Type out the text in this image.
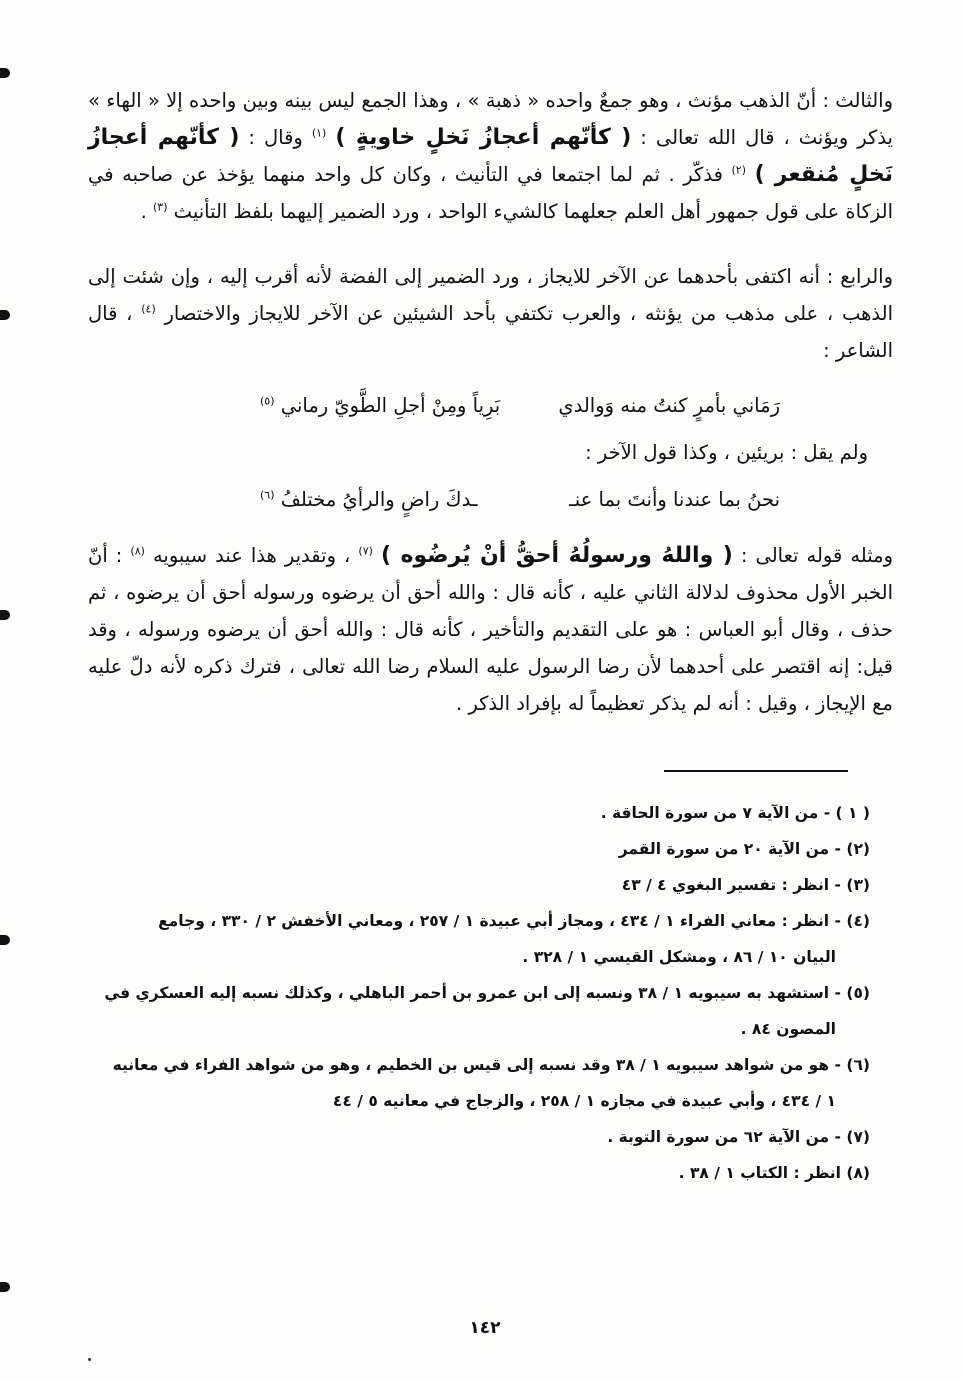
والثالث : أنّ الذهب مؤنث ، وهو جمعٌ واحده « ذهبة » ، وهذا الجمع ليس بينه وبين واحده إلا « الهاء » يذكر ويؤنث ، قال الله تعالى : ( كأنّهم أعجازُ نَخلٍ خاويةٍ ) $^{(١)}$ وقال : ( كأنّهم أعجازُ نَخلٍ مُنقعر ) $^{(٢)}$ فذكّر . ثم لما اجتمعا في التأنيث ، وكان كل واحد منهما يؤخذ عن صاحبه في الزكاة على قول جمهور أهل العلم جعلهما كالشيء الواحد ، ورد الضمير إليهما بلفظ التأنيث $^{(٣)}$ .

والرابع : أنه اكتفى بأحدهما عن الآخر للايجاز ، ورد الضمير إلى الفضة لأنه أقرب إليه ، وإن شئت إلى الذهب ، على مذهب من يؤنثه ، والعرب تكتفي بأحد الشيئين عن الآخر للايجاز والاختصار $^{(٤)}$ ، قال الشاعر :

رَمَاني بأمرٍ كنتُ منه وَوالدي
بَرِياً ومِنْ أجلِ الطَّويّ رماني $^{(٥)}$
ولم يقل : بريئين ، وكذا قول الآخر :
نحنُ بما عندنا وأنتَ بما عنـ
ـدكَ راضٍ والرأيُ مختلفُ $^{(٦)}$

ومثله قوله تعالى : ( واللهُ ورسولُهُ أحقُّ أنْ يُرضُوه ) $^{(٧)}$ ، وتقدير هذا عند سيبويه $^{(٨)}$ : أنّ الخبر الأول محذوف لدلالة الثاني عليه ، كأنه قال : والله أحق أن يرضوه ورسوله أحق أن يرضوه ، ثم حذف ، وقال أبو العباس : هو على التقديم والتأخير ، كأنه قال : والله أحق أن يرضوه ورسوله ، وقد قيل: إنه اقتصر على أحدهما لأن رضا الرسول عليه السلام رضا الله تعالى ، فترك ذكره لأنه دلّ عليه مع الإيجاز ، وقيل : أنه لم يذكر تعظيماً له بإفراد الذكر .

( ١ ) - من الآية ٧ من سورة الحاقة .

(٢) - من الآية ٢٠ من سورة القمر

(٣) - انظر : تفسير البغوي ٤ / ٤٣

(٤) - انظر : معاني الفراء ١ / ٤٣٤ ، ومجاز أبي عبيدة ١ / ٢٥٧ ، ومعاني الأخفش ٢ / ٣٣٠ ، وجامع

البيان ١٠ / ٨٦ ، ومشكل القيسي ١ / ٣٢٨ .

(٥) - استشهد به سيبويه ١ / ٣٨ ونسبه إلى ابن عمرو بن أحمر الباهلي ، وكذلك نسبه إليه العسكري في

المصون ٨٤ .

(٦) - هو من شواهد سيبويه ١ / ٣٨ وقد نسبه إلى قيس بن الخطيم ، وهو من شواهد الفراء في معانيه

١ / ٤٣٤ ، وأبي عبيدة في مجازه ١ / ٢٥٨ ، والزجاج في معانيه ٥ / ٤٤

(٧) - من الآية ٦٢ من سورة التوبة .

(٨) انظر : الكتاب ١ / ٣٨ .

١٤٢
